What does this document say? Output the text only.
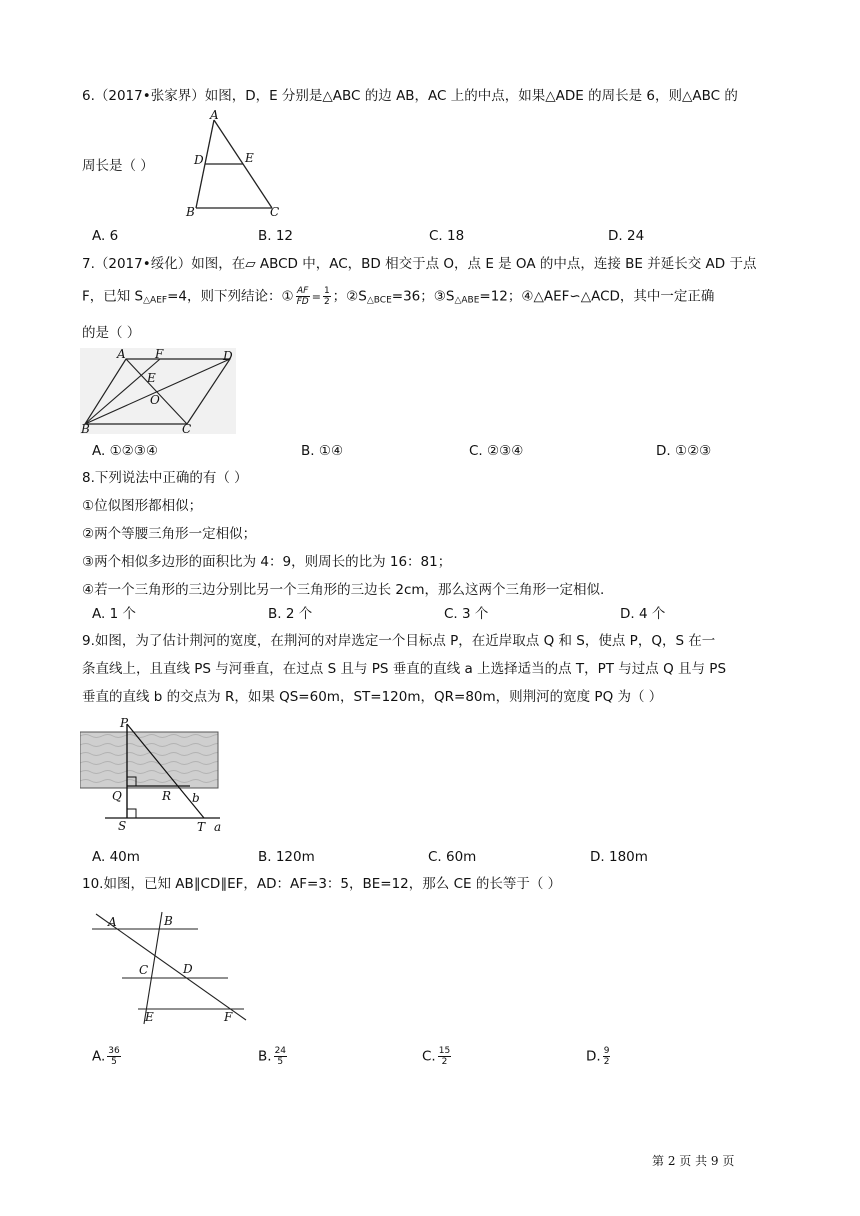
6.（2017•张家界）如图，D，E 分别是△ABC 的边 AB，AC 上的中点，如果△ADE 的周长是 6，则△ABC 的
A
D	E
B	C
周长是（ ）
A. 6	B. 12	C. 18	D. 24
7.（2017•绥化）如图，在▱ ABCD 中，AC，BD 相交于点 O，点 E 是 OA 的中点，连接 BE 并延长交 AD 于点
F，已知 $S_{\triangle AEF}=4$，则下列结论：① $\frac{AF}{FD} = \frac{1}{2}$ ；$②S_{\triangle BCE}=36$；$③S_{\triangle ABE}=12$；④△AEF∽△ACD，其中一定正确
的是（ ）
A F	D
E
O
B	C
A. ①②③④	B. ①④	C. ②③④	D. ①②③
8.下列说法中正确的有（ ）
①位似图形都相似；
②两个等腰三角形一定相似；
③两个相似多边形的面积比为 4：9，则周长的比为 16：81；
④若一个三角形的三边分别比另一个三角形的三边长 2cm，那么这两个三角形一定相似.
A. 1 个	B. 2 个	C. 3 个	D. 4 个
9.如图，为了估计荆河的宽度，在荆河的对岸选定一个目标点 P，在近岸取点 Q 和 S，使点 P，Q，S 在一
条直线上，且直线 PS 与河垂直，在过点 S 且与 PS 垂直的直线 a 上选择适当的点 T，PT 与过点 Q 且与 PS
垂直的直线 b 的交点为 R，如果 QS=60m，ST=120m，QR=80m，则荆河的宽度 PQ 为（ ）
P
Q	R b
S	T a
A. 40m	B. 120m	C. 60m	D. 180m
10.如图，已知 AB∥CD∥EF，AD：AF=3：5，BE=12，那么 CE 的长等于（ ）
A	B
C	D
E	F
A. $\frac{36}{5}$	B. $\frac{24}{5}$	C. $\frac{15}{2}$	D. $\frac{9}{2}$
第 2 页 共 9 页
